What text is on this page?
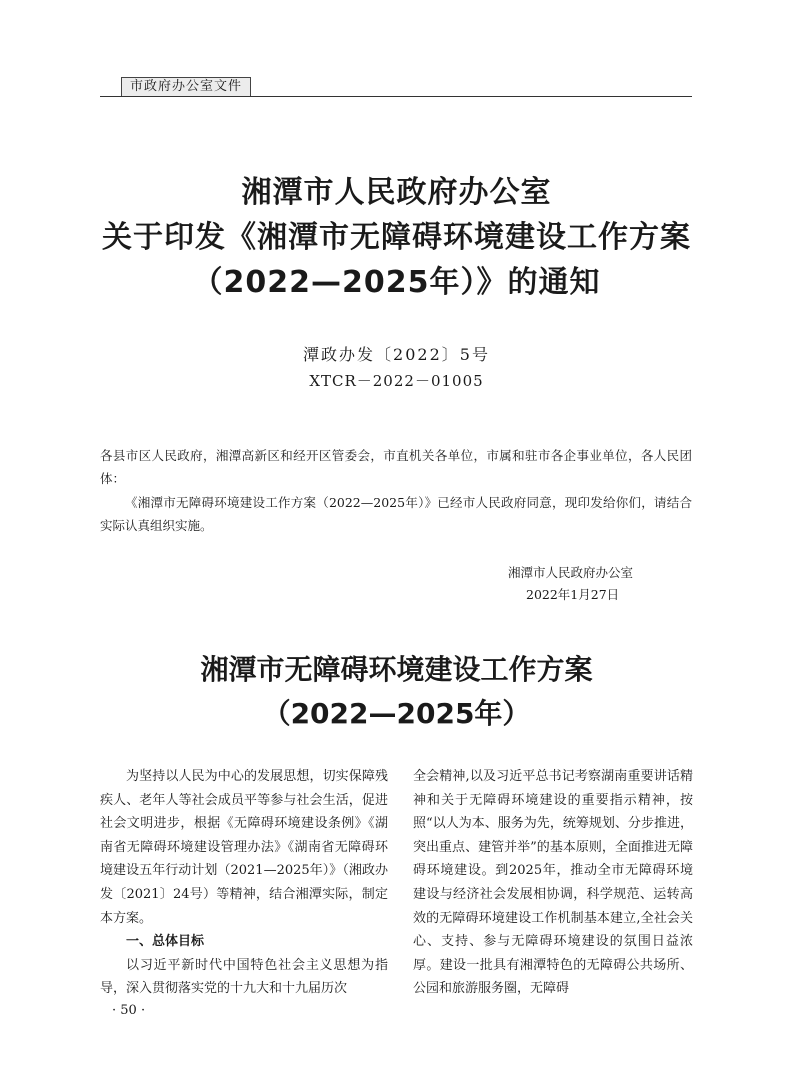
市政府办公室文件
湘潭市人民政府办公室
关于印发《湘潭市无障碍环境建设工作方案
（2022—2025年）》的通知
潭政办发〔2022〕5号
XTCR－2022－01005
各县市区人民政府，湘潭高新区和经开区管委会，市直机关各单位，市属和驻市各企事业单位，各人民团体：
《湘潭市无障碍环境建设工作方案（2022—2025年）》已经市人民政府同意，现印发给你们，请结合实际认真组织实施。
湘潭市人民政府办公室
2022年1月27日
湘潭市无障碍环境建设工作方案
（2022—2025年）

为坚持以人民为中心的发展思想，切实保障残疾人、老年人等社会成员平等参与社会生活，促进社会文明进步，根据《无障碍环境建设条例》《湖南省无障碍环境建设管理办法》《湖南省无障碍环境建设五年行动计划（2021—2025年）》（湘政办发〔2021〕24号）等精神，结合湘潭实际，制定本方案。

一、总体目标

以习近平新时代中国特色社会主义思想为指导，深入贯彻落实党的十九大和十九届历次

全会精神,以及习近平总书记考察湖南重要讲话精神和关于无障碍环境建设的重要指示精神，按照“以人为本、服务为先，统筹规划、分步推进，突出重点、建管并举”的基本原则，全面推进无障碍环境建设。到2025年，推动全市无障碍环境建设与经济社会发展相协调，科学规范、运转高效的无障碍环境建设工作机制基本建立,全社会关心、支持、参与无障碍环境建设的氛围日益浓厚。建设一批具有湘潭特色的无障碍公共场所、公园和旅游服务圈，无障碍
· 50 ·
